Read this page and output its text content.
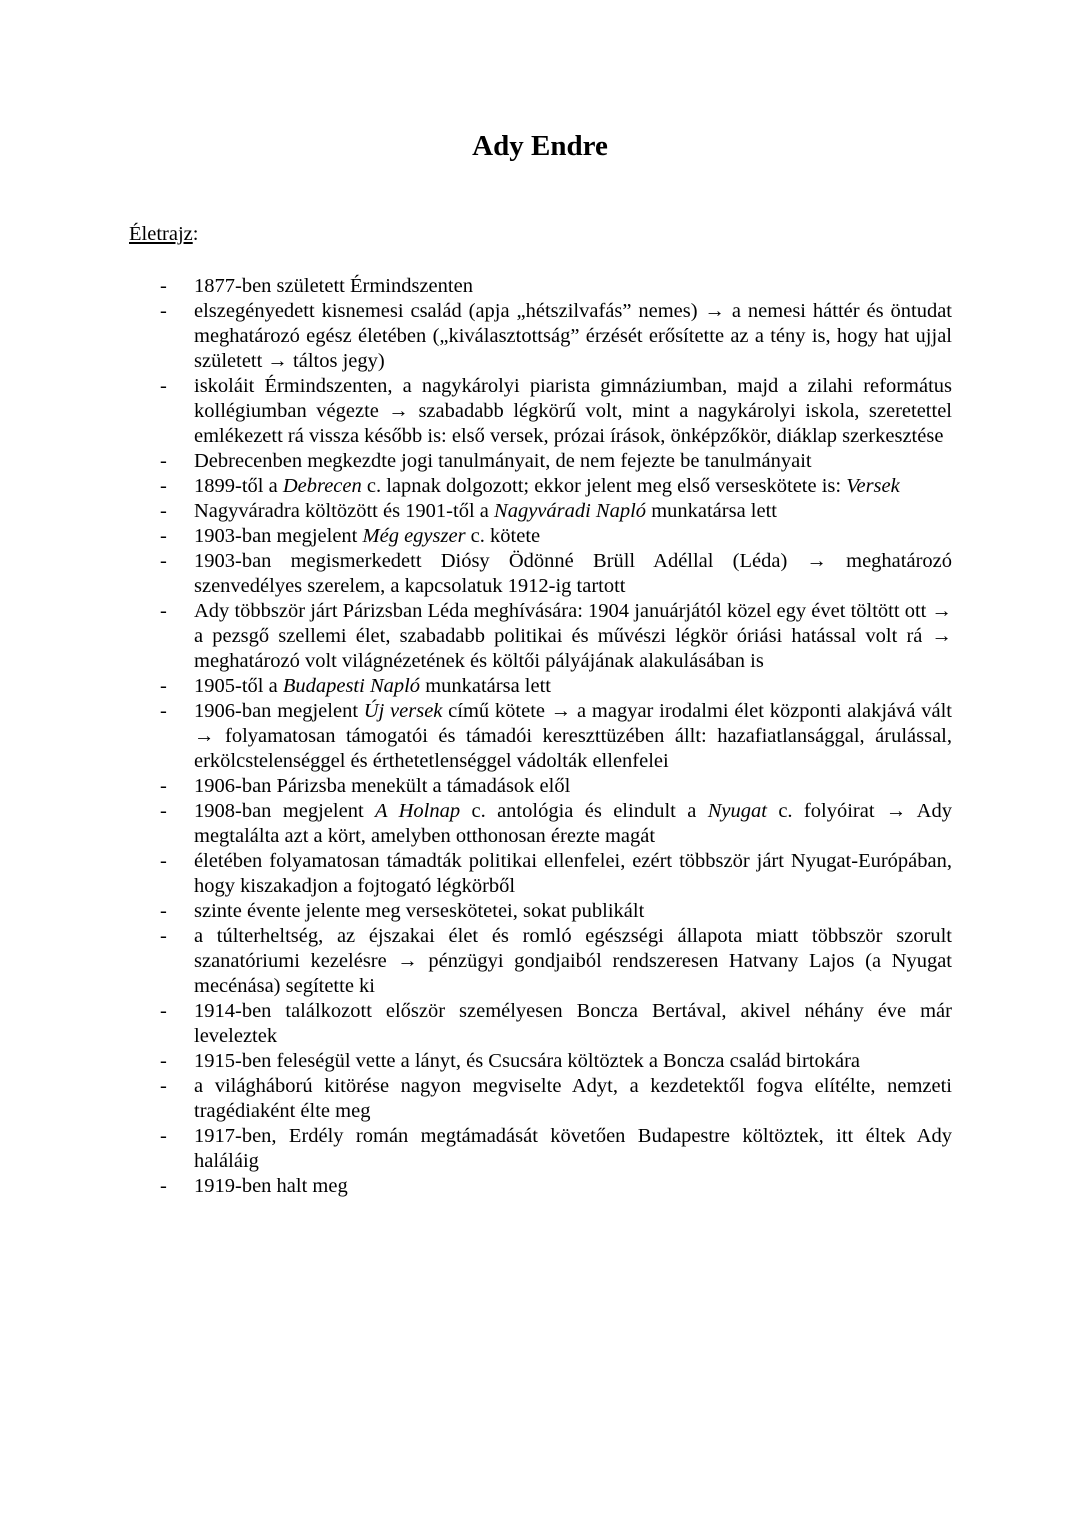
Ady Endre

Életrajz:

- 1877-ben született Érmindszenten
- elszegényedett kisnemesi család (apja „hétszilvafás” nemes) → a nemesi háttér és öntudat meghatározó egész életében („kiválasztottság” érzését erősítette az a tény is, hogy hat ujjal született → táltos jegy)
- iskoláit Érmindszenten, a nagykárolyi piarista gimnáziumban, majd a zilahi református kollégiumban végezte → szabadabb légkörű volt, mint a nagykárolyi iskola, szeretettel emlékezett rá vissza később is: első versek, prózai írások, önképzőkör, diáklap szerkesztése
- Debrecenben megkezdte jogi tanulmányait, de nem fejezte be tanulmányait
- 1899-től a Debrecen c. lapnak dolgozott; ekkor jelent meg első verseskötete is: Versek
- Nagyváradra költözött és 1901-től a Nagyváradi Napló munkatársa lett
- 1903-ban megjelent Még egyszer c. kötete
- 1903-ban megismerkedett Diósy Ödönné Brüll Adéllal (Léda) → meghatározó szenvedélyes szerelem, a kapcsolatuk 1912-ig tartott
- Ady többször járt Párizsban Léda meghívására: 1904 januárjától közel egy évet töltött ott → a pezsgő szellemi élet, szabadabb politikai és művészi légkör óriási hatással volt rá → meghatározó volt világnézetének és költői pályájának alakulásában is
- 1905-től a Budapesti Napló munkatársa lett
- 1906-ban megjelent Új versek című kötete → a magyar irodalmi élet központi alakjává vált → folyamatosan támogatói és támadói kereszttüzében állt: hazafiatlansággal, árulással, erkölcstelenséggel és érthetetlenséggel vádolták ellenfelei
- 1906-ban Párizsba menekült a támadások elől
- 1908-ban megjelent A Holnap c. antológia és elindult a Nyugat c. folyóirat → Ady megtalálta azt a kört, amelyben otthonosan érezte magát
- életében folyamatosan támadták politikai ellenfelei, ezért többször járt Nyugat-Európában, hogy kiszakadjon a fojtogató légkörből
- szinte évente jelente meg verseskötetei, sokat publikált
- a túlterheltség, az éjszakai élet és romló egészségi állapota miatt többször szorult szanatóriumi kezelésre → pénzügyi gondjaiból rendszeresen Hatvany Lajos (a Nyugat mecénása) segítette ki
- 1914-ben találkozott először személyesen Boncza Bertával, akivel néhány éve már leveleztek
- 1915-ben feleségül vette a lányt, és Csucsára költöztek a Boncza család birtokára
- a világháború kitörése nagyon megviselte Adyt, a kezdetektől fogva elítélte, nemzeti tragédiaként élte meg
- 1917-ben, Erdély román megtámadását követően Budapestre költöztek, itt éltek Ady haláláig
- 1919-ben halt meg
